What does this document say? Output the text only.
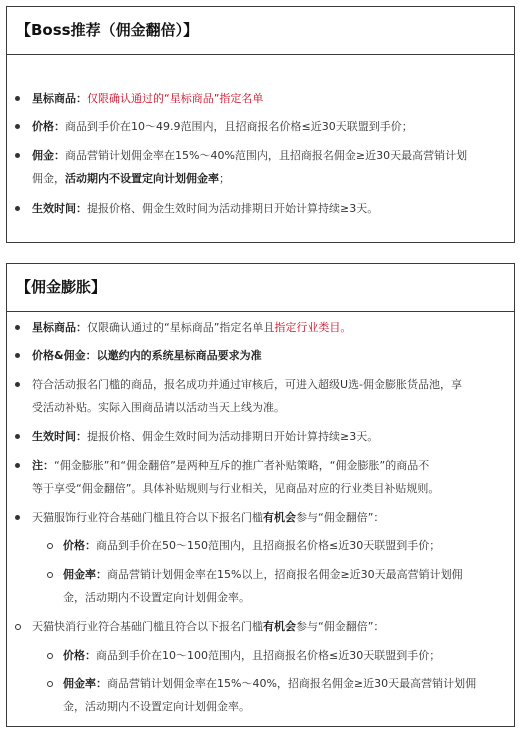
【Boss推荐（佣金翻倍）】
星标商品：仅限确认通过的“星标商品”指定名单
价格：商品到手价在10～49.9范围内，且招商报名价格≤近30天联盟到手价；
佣金：商品营销计划佣金率在15%～40%范围内，且招商报名佣金≥近30天最高营销计划
佣金，活动期内不设置定向计划佣金率；
生效时间：提报价格、佣金生效时间为活动排期日开始计算持续≥3天。
【佣金膨胀】
星标商品：仅限确认通过的“星标商品”指定名单且指定行业类目。
价格&佣金：以邀约内的系统星标商品要求为准
符合活动报名门槛的商品，报名成功并通过审核后，可进入超级U选-佣金膨胀货品池，享
受活动补贴。实际入围商品请以活动当天上线为准。
生效时间：提报价格、佣金生效时间为活动排期日开始计算持续≥3天。
注：“佣金膨胀”和“佣金翻倍”是两种互斥的推广者补贴策略，“佣金膨胀”的商品不
等于享受“佣金翻倍”。具体补贴规则与行业相关，见商品对应的行业类目补贴规则。
天猫服饰行业符合基础门槛且符合以下报名门槛有机会参与“佣金翻倍”：
价格：商品到手价在50～150范围内，且招商报名价格≤近30天联盟到手价；
佣金率：商品营销计划佣金率在15%以上，招商报名佣金≥近30天最高营销计划佣
金，活动期内不设置定向计划佣金率。
天猫快消行业符合基础门槛且符合以下报名门槛有机会参与“佣金翻倍”：
价格：商品到手价在10～100范围内，且招商报名价格≤近30天联盟到手价；
佣金率：商品营销计划佣金率在15%～40%，招商报名佣金≥近30天最高营销计划佣
金，活动期内不设置定向计划佣金率。
